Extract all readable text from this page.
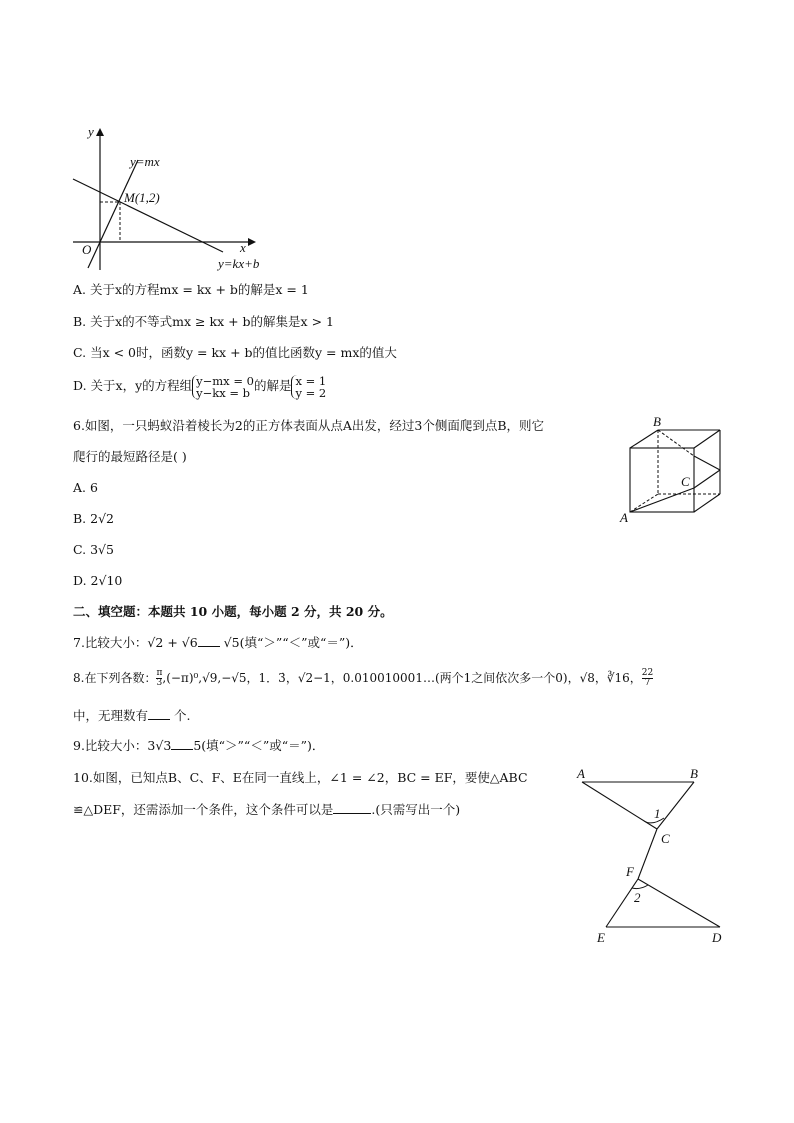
y
x
O
y=mx
M(1,2)
y=kx+b
A. 关于x的方程mx = kx + b的解是x = 1
B. 关于x的不等式mx ≥ kx + b的解集是x > 1
C. 当x < 0时，函数y = kx + b的值比函数y = mx的值大
D. 关于x，y的方程组 y−mx = 0
y−kx = b 的解是 x = 1
y = 2
6.如图，一只蚂蚁沿着棱长为2的正方体表面从点A出发，经过3个侧面爬到点B，则它
爬行的最短路径是( )
A. 6
B. 2√2
C. 3√5
D. 2√10
B
C
A
二、填空题：本题共 10 小题，每小题 2 分，共 20 分。
7.比较大小：√2 + √6 √5(填“＞”“＜”或“＝”)．
8.在下列各数： $\frac{\pi}{3} ,(-\pi)^0,√9,-√5$，1．3̇，√2−1，0.010010001…(两个1之间依次多一个0)，√8，∛16， $\frac{22}{7}$
中，无理数有 个.
9.比较大小：3√3 5(填“＞”“＜”或“＝”)．
10.如图，已知点B、C、F、E在同一直线上，∠1 = ∠2，BC = EF，要使△ABC
≌△DEF，还需添加一个条件，这个条件可以是	.(只需写出一个)
A	B
1
C
F
2
E	D
